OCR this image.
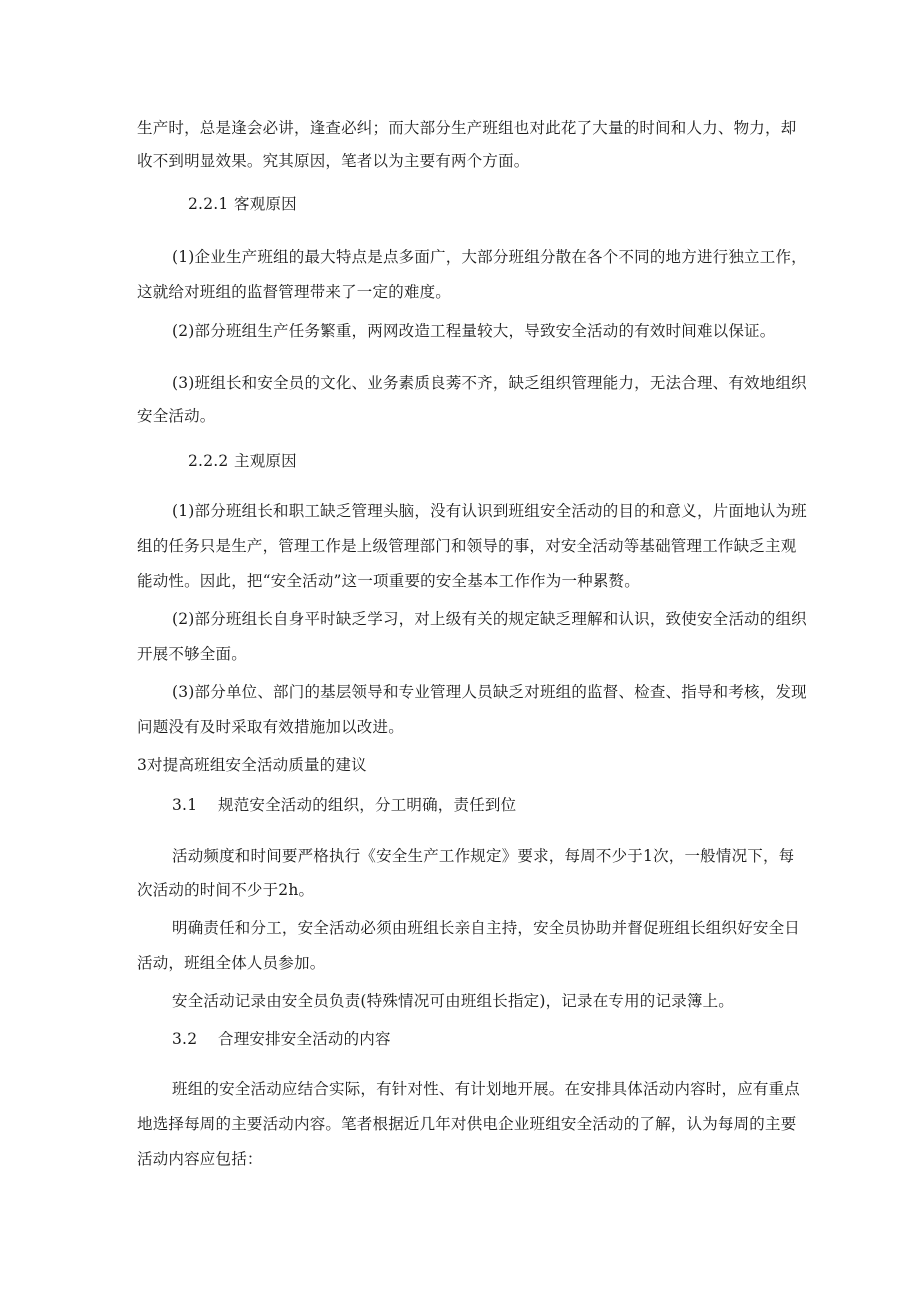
生产时，总是逢会必讲，逢查必纠；而大部分生产班组也对此花了大量的时间和人力、物力，却
收不到明显效果。究其原因，笔者以为主要有两个方面。
2.2.1 客观原因
(1)企业生产班组的最大特点是点多面广，大部分班组分散在各个不同的地方进行独立工作，
这就给对班组的监督管理带来了一定的难度。
(2)部分班组生产任务繁重，两网改造工程量较大，导致安全活动的有效时间难以保证。
(3)班组长和安全员的文化、业务素质良莠不齐，缺乏组织管理能力，无法合理、有效地组织
安全活动。
2.2.2 主观原因
(1)部分班组长和职工缺乏管理头脑，没有认识到班组安全活动的目的和意义，片面地认为班
组的任务只是生产，管理工作是上级管理部门和领导的事，对安全活动等基础管理工作缺乏主观
能动性。因此，把“安全活动”这一项重要的安全基本工作作为一种累赘。
(2)部分班组长自身平时缺乏学习，对上级有关的规定缺乏理解和认识，致使安全活动的组织
开展不够全面。
(3)部分单位、部门的基层领导和专业管理人员缺乏对班组的监督、检查、指导和考核，发现
问题没有及时采取有效措施加以改进。
3对提高班组安全活动质量的建议
3.1 规范安全活动的组织，分工明确，责任到位
活动频度和时间要严格执行《安全生产工作规定》要求，每周不少于1次，一般情况下，每
次活动的时间不少于2h。
明确责任和分工，安全活动必须由班组长亲自主持，安全员协助并督促班组长组织好安全日
活动，班组全体人员参加。
安全活动记录由安全员负责(特殊情况可由班组长指定)，记录在专用的记录簿上。
3.2 合理安排安全活动的内容
班组的安全活动应结合实际，有针对性、有计划地开展。在安排具体活动内容时，应有重点
地选择每周的主要活动内容。笔者根据近几年对供电企业班组安全活动的了解，认为每周的主要
活动内容应包括：
